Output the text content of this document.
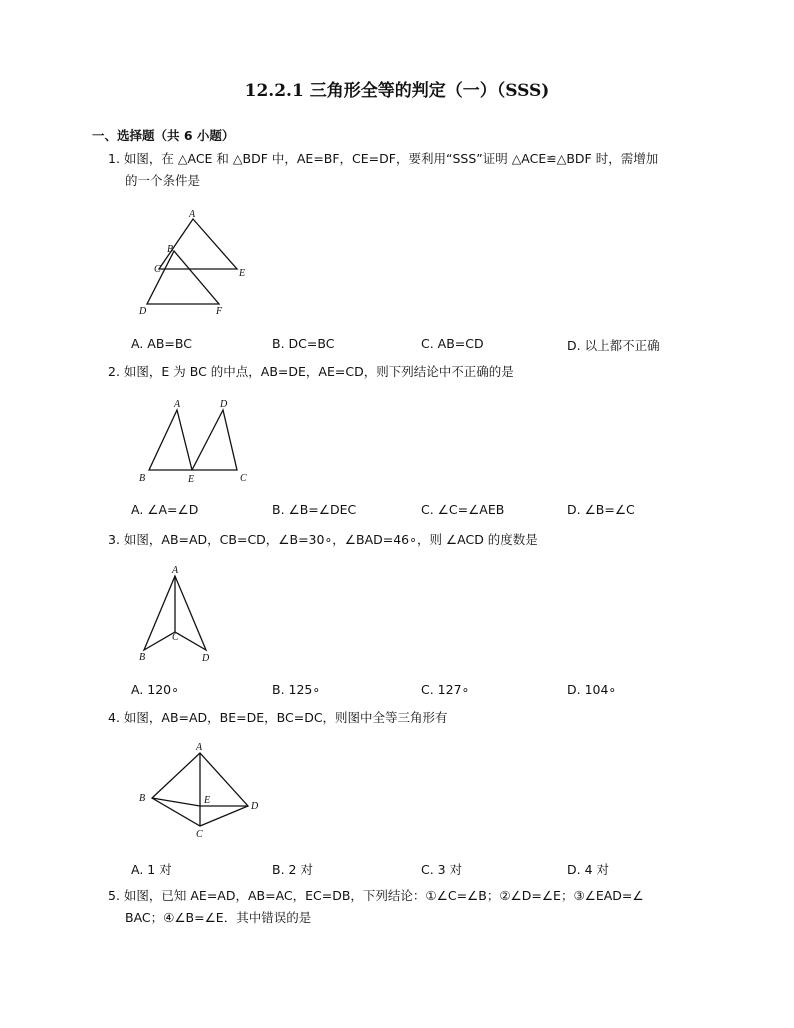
12.2.1 三角形全等的判定（一）（SSS)
一、选择题（共 6 小题）
1. 如图，在 △ACE 和 △BDF 中，AE=BF，CE=DF，要利用“SSS”证明 △ACE≌△BDF 时，需增加
的一个条件是
A
B
C	E
D	F
A. AB=BC	B. DC=BC	C. AB=CD	D. 以上都不正确
2. 如图，E 为 BC 的中点，AB=DE，AE=CD，则下列结论中不正确的是
A	D
B	E	C
A. ∠A=∠D	B. ∠B=∠DEC	C. ∠C=∠AEB	D. ∠B=∠C
3. 如图，AB=AD，CB=CD，∠B=30∘，∠BAD=46∘，则 ∠ACD 的度数是
A
C
B	D
A. 120∘	B. 125∘	C. 127∘	D. 104∘
4. 如图，AB=AD，BE=DE，BC=DC，则图中全等三角形有
A
B	E
D
C
A. 1 对	B. 2 对	C. 3 对	D. 4 对
5. 如图，已知 AE=AD，AB=AC，EC=DB，下列结论：①∠C=∠B；②∠D=∠E；③∠EAD=∠
BAC；④∠B=∠E．其中错误的是
